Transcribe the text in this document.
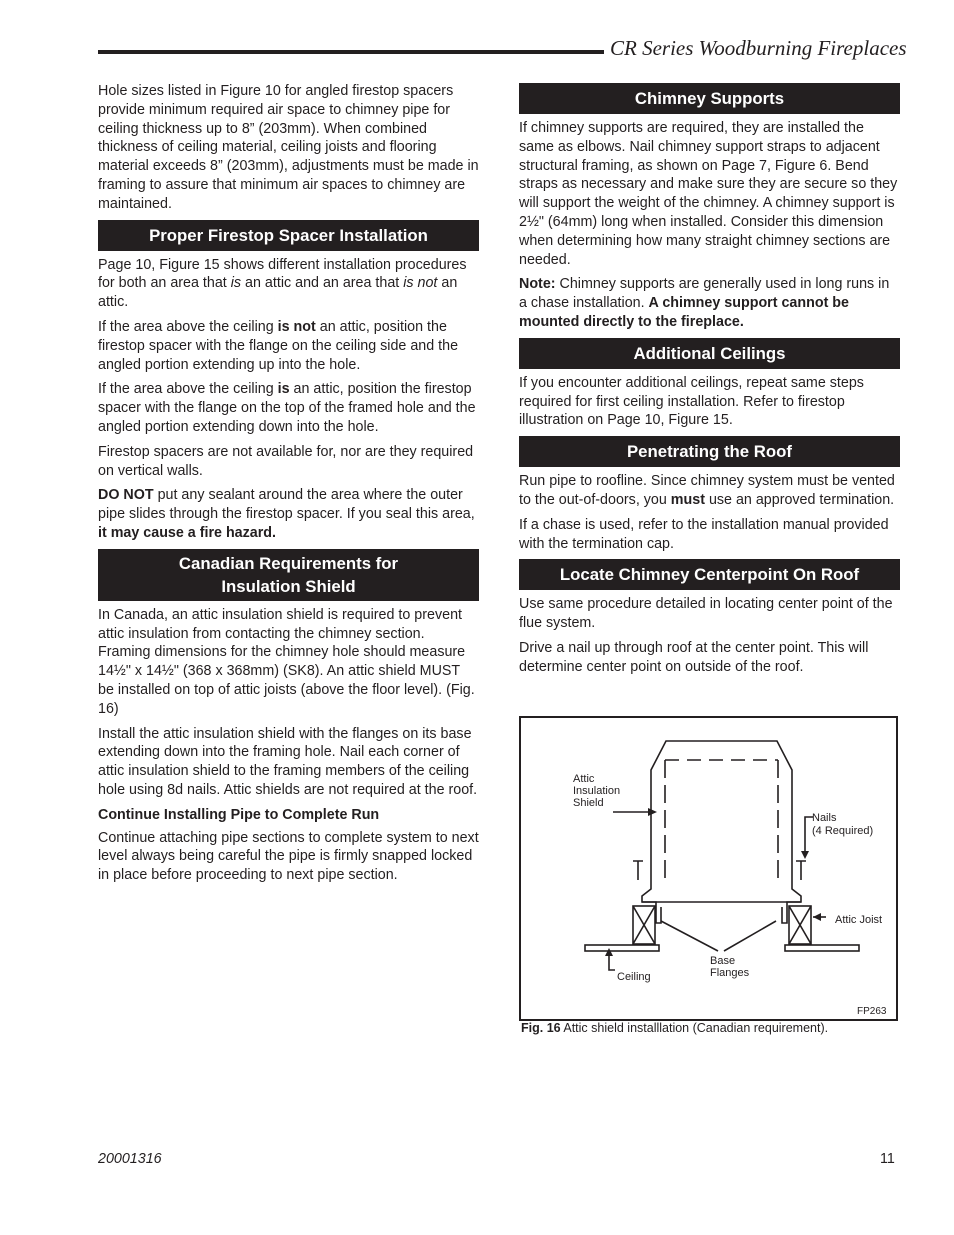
CR Series Woodburning Fireplaces

Hole sizes listed in Figure 10 for angled firestop spacers provide minimum required air space to chimney pipe for ceiling thickness up to 8” (203mm). When combined thickness of ceiling material, ceiling joists and flooring material exceeds 8” (203mm), adjustments must be made in framing to assure that minimum air spaces to chimney are maintained.

Proper Firestop Spacer Installation

Page 10, Figure 15 shows different installation procedures for both an area that is an attic and an area that is not an attic.

If the area above the ceiling is not an attic, position the firestop spacer with the flange on the ceiling side and the angled portion extending up into the hole.

If the area above the ceiling is an attic, position the firestop spacer with the flange on the top of the framed hole and the angled portion extending down into the hole.

Firestop spacers are not available for, nor are they required on vertical walls.

DO NOT put any sealant around the area where the outer pipe slides through the firestop spacer. If you seal this area, it may cause a fire hazard.

Canadian Requirements for
Insulation Shield

In Canada, an attic insulation shield is required to prevent attic insulation from contacting the chimney section. Framing dimensions for the chimney hole should measure 14½" x 14½" (368 x 368mm) (SK8). An attic shield MUST be installed on top of attic joists (above the floor level). (Fig. 16)

Install the attic insulation shield with the flanges on its base extending down into the framing hole. Nail each corner of attic insulation shield to the framing members of the ceiling hole using 8d nails. Attic shields are not required at the roof.

Continue Installing Pipe to Complete Run

Continue attaching pipe sections to complete system to next level always being careful the pipe is firmly snapped locked in place before proceeding to next pipe section.

Chimney Supports

If chimney supports are required, they are installed the same as elbows. Nail chimney support straps to adjacent structural framing, as shown on Page 7, Figure 6. Bend straps as necessary and make sure they are secure so they will support the weight of the chimney. A chimney support is 2½" (64mm) long when installed. Consider this dimension when determining how many straight chimney sections are needed.

Note: Chimney supports are generally used in long runs in a chase installation. A chimney support cannot be mounted directly to the fireplace.

Additional Ceilings

If you encounter additional ceilings, repeat same steps required for first ceiling installation. Refer to firestop illustration on Page 10, Figure 15.

Penetrating the Roof

Run pipe to roofline. Since chimney system must be vented to the out-of-doors, you must use an approved termination.

If a chase is used, refer to the installation manual provided with the termination cap.

Locate Chimney Centerpoint On Roof

Use same procedure detailed in locating center point of the flue system.

Drive a nail up through roof at the center point. This will determine center point on outside of the roof.

Attic
Insulation
Shield
Nails
(4 Required)
Attic Joist
Base
Flanges
Ceiling
FP263
Fig. 16 Attic shield installlation (Canadian requirement).
20001316	11
